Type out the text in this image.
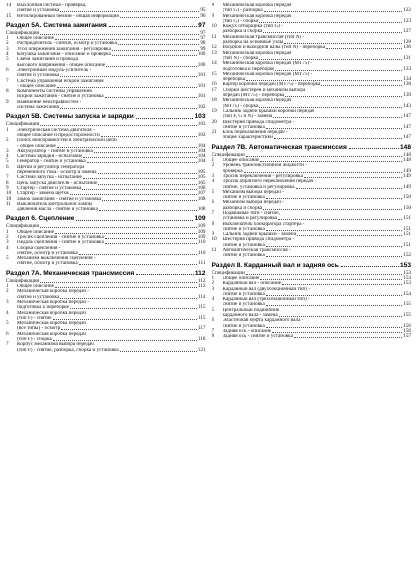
14	Выхлопная система - проверка,
снятие и установка	95
15	Нетилированный бензин - общая информация	96
Раздел 5А. Система зажигания	97
Спецификации	97
1	Общее описание	97
2	Распределитель - снятие, осмотр и установка	98
3	Угол опережения зажигания - регулировка	99
4	Катушка зажигания - описание и проверка	100
5	Свечи зажигания и провода
высокого напряжения - общее описание	100
6	Электронный модуль-усилитель -
снятие и установка	101
7	Система управления искрой зажигания
- общее описание	101
8	Компоненты системы управления
искрой зажигания - снятие и установка	101
9	Выявление неисправностей -
система зажигания	102
Раздел 5В. Системы запуска и зарядки	103
Спецификации	103
1	Электрическая система двигателя -
общее описание и предосторожности	103
2	Поиск неисправностей в электрической цепи
- общее описание	104
3	Аккумулятор - снятие и установка	104
4	Система зарядки - испытание	104
5	Генератор - снятие и установка	104
6	Щетки и регулятор генератора
переменного тока - осмотр и замена	105
7	Система запуска - испытание	105
8	Цепь запуска двигателя - испытание	105
9	Стартер - снятие и установка	106
10	Стартер - замена щеток	107
10	Замок зажигания - снятие и установка	108
11	Выключатель контрольной лампы
давления масла - снятие и установка	108
Раздел 6. Сцепление	109
Спецификации	109
1	Общее описание	109
2	Тросик сцепления - снятие и установка	109
3	Педаль сцепления - снятие и установка	110
4	Сборка сцепления -
снятие, осмотр и установка	110
5	Механизм выключения сцепления -
снятие, осмотр и установка	111
Раздел 7А. Механическая трансмиссия	112
Спецификации	112
1	Общее описание	112
2	Механическая коробка передач -
снятие и установка	114
3	Механическая коробка передач -
подготовка к переборке	115
4	Механическая коробка передач
(тип F) - снятие	115
5	Механическая коробка передач
(все типы) - осмотр	117
6	Механическая коробка передач
(тип F) - сборка	118
7	Корпус механизма выбора передач
(тип F) - снятие, разборка, сборка и установка	121
8	Механическая коробка передач
(тип G) - разборка	122
9	Механическая коробка передач
(тип G) - сборка	123
10	Кожух отборщика (тип G) -
разборка и сборка	127
11	Механическая трансмиссия (тип N) -
разборка на основные узлы	128
12	Входной и выходной валы (тип N) - переборка	130
13	Механическая коробка передач
(тип N) - сборка	131
14	Механическая коробка передач (МТ75) -
подготовка к переборке	133
15	Механическая коробка передач (МТ75) -
переборка	134
16	Картер коробки передач (МТ75) - переборка	138
17	Сборки шестерен и механизм выбора
передач (МТ75) - переборка	139
18	Механическая коробка передач
(МТ75) - сборка	143
19	Сальник задней крышки коробки передач
(тип F, G и N) - замена	147
20	Шестерня привода спидометра -
снятие и установка	147
21	Блок переключения передач -
общие характеристики	147
Раздел 7В. Автоматическая трансмиссия	148
Спецификации	148
1	Общее описание	148
2	Уровень трансмиссионной жидкости -
проверка	149
3	Тросик переключения - регулировка	149
4	Тросик обратного переключения передач -
снятие, установка и регулировка	149
5	Механизм выбора передач -
снятие и установка	150
6	Механизм выбора передач -
разборка и сборка	150
7	Подвижные тяги - снятие,
установка и регулировка	151
8	Выключатель блокиратора стартера -
снятие и установка	151
9	Сальник задней крышки - замена	151
10	Шестерня привода спидометра -
снятие и установка	151
11	Автоматическая трансмиссия -
снятие и установка	152
Раздел 8. Карданный вал и задняя ось	153
Спецификации	153
1	Общее описание	153
2	Карданный вал - описание	153
3	Карданный вал (двухсекционный тип) -
снятие и установка	154
4	Карданный вал (трехсекционный тип) -
снятие и установка	155
5	Центральный подшипник
карданного вала - замена	155
6	Эластичная муфта карданного вала -
снятие и установка	156
7	Задняя ось - описание	156
8	Задняя ось - снятие и установка	157
